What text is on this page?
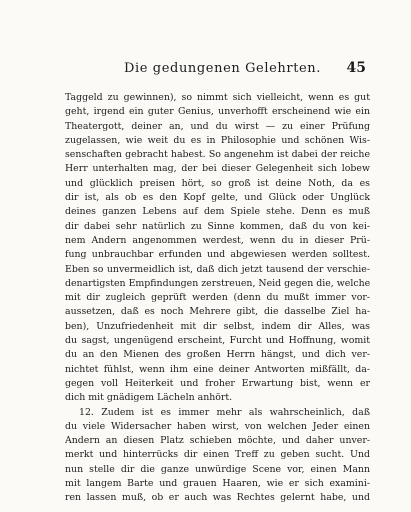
Die gedungenen Gelehrten. 45
Taggeld zu gewinnen), so nimmt sich vielleicht, wenn es gut
geht, irgend ein guter Genius, unverhofft erscheinend wie ein
Theatergott, deiner an, und du wirst — zu einer Prüfung
zugelassen, wie weit du es in Philosophie und schönen Wis-
senschaften gebracht habest. So angenehm ist dabei der reiche
Herr unterhalten mag, der bei dieser Gelegenheit sich lobew
und glücklich preisen hört, so groß ist deine Noth, da es
dir ist, als ob es den Kopf gelte, und Glück oder Unglück
deines ganzen Lebens auf dem Spiele stehe. Denn es muß
dir dabei sehr natürlich zu Sinne kommen, daß du von kei-
nem Andern angenommen werdest, wenn du in dieser Prü-
fung unbrauchbar erfunden und abgewiesen werden solltest.
Eben so unvermeidlich ist, daß dich jetzt tausend der verschie-
denartigsten Empfindungen zerstreuen, Neid gegen die, welche
mit dir zugleich geprüft werden (denn du mußt immer vor-
aussetzen, daß es noch Mehrere gibt, die dasselbe Ziel ha-
ben), Unzufriedenheit mit dir selbst, indem dir Alles, was
du sagst, ungenügend erscheint, Furcht und Hoffnung, womit
du an den Mienen des großen Herrn hängst, und dich ver-
nichtet fühlst, wenn ihm eine deiner Antworten mißfällt, da-
gegen voll Heiterkeit und froher Erwartung bist, wenn er
dich mit gnädigem Lächeln anhört.
12. Zudem ist es immer mehr als wahrscheinlich, daß
du viele Widersacher haben wirst, von welchen Jeder einen
Andern an diesen Platz schieben möchte, und daher unver-
merkt und hinterrücks dir einen Treff zu geben sucht. Und
nun stelle dir die ganze unwürdige Scene vor, einen Mann
mit langem Barte und grauen Haaren, wie er sich examini-
ren lassen muß, ob er auch was Rechtes gelernt habe, und
